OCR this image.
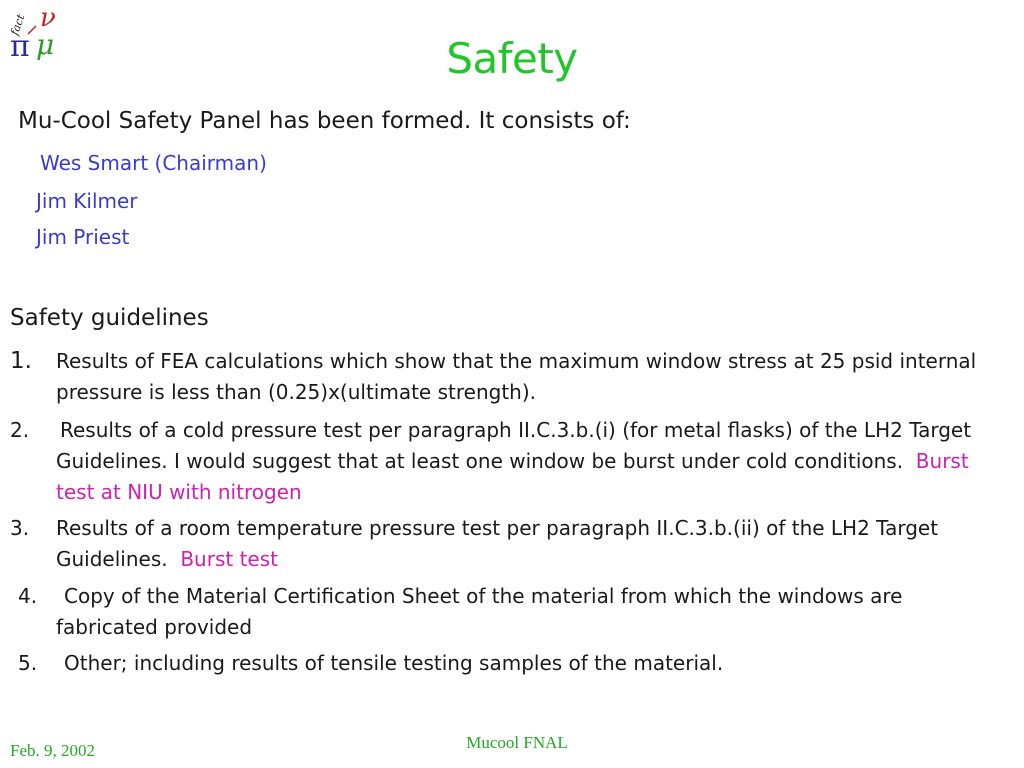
ν
fact
π μ	Safety
Mu-Cool Safety Panel has been formed. It consists of:
Wes Smart (Chairman)
Jim Kilmer
Jim Priest
Safety guidelines
1.	Results of FEA calculations which show that the maximum window stress at 25 psid internal pressure is less than (0.25)x(ultimate strength).
2.	Results of a cold pressure test per paragraph II.C.3.b.(i) (for metal flasks) of the LH2 Target Guidelines. I would suggest that at least one window be burst under cold conditions. Burst test at NIU with nitrogen
3.	Results of a room temperature pressure test per paragraph II.C.3.b.(ii) of the LH2 Target Guidelines. Burst test
4.	Copy of the Material Certification Sheet of the material from which the windows are fabricated provided
5.	Other; including results of tensile testing samples of the material.
Mucool FNAL
Feb. 9, 2002
